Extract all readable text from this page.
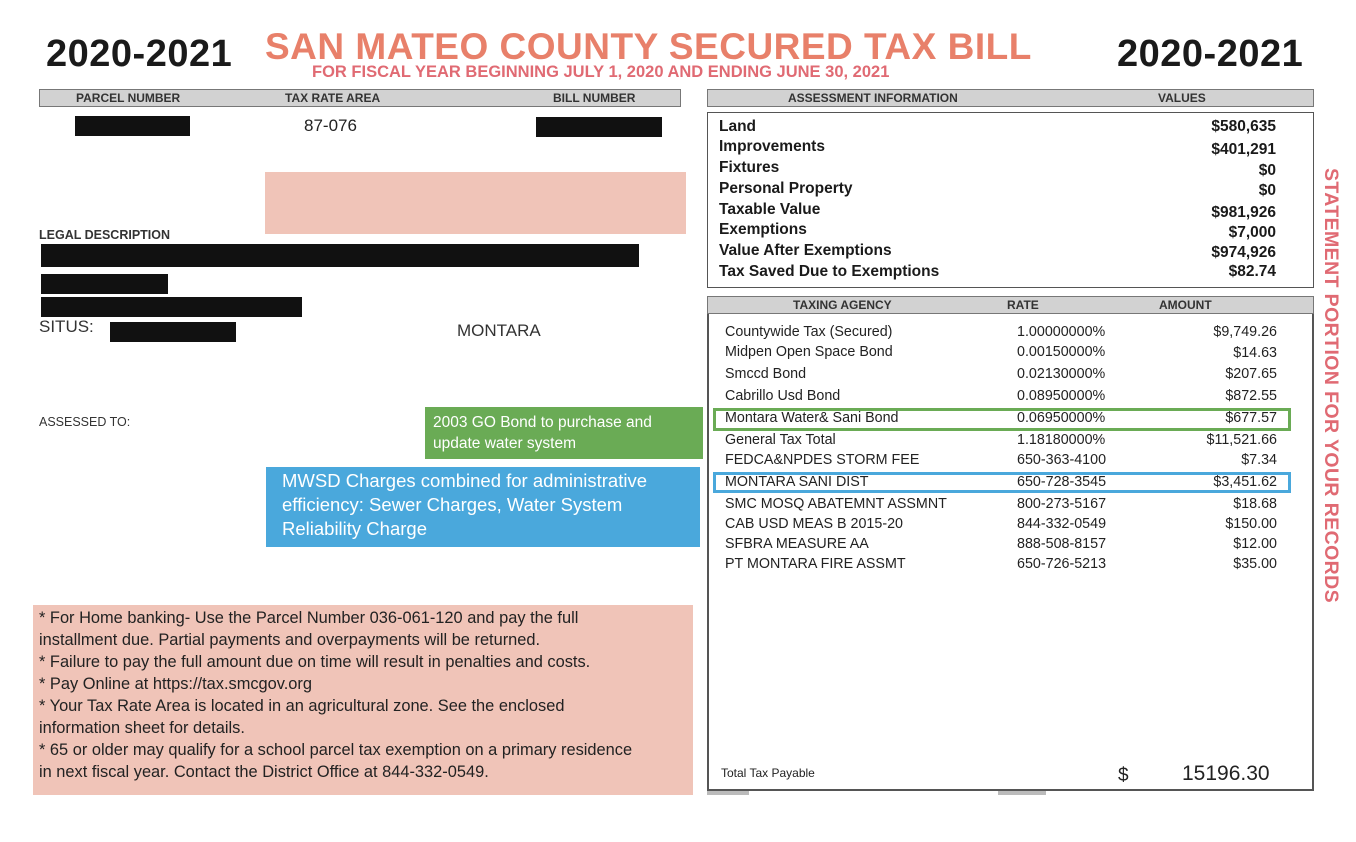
2020-2021 SAN MATEO COUNTY SECURED TAX BILL
FOR FISCAL YEAR BEGINNING JULY 1, 2020 AND ENDING JUNE 30, 2021	2020-2021
PARCEL NUMBER	TAX RATE AREA	BILL NUMBER
87-076
LEGAL DESCRIPTION
SITUS:	MONTARA
ASSESSED TO:	2003 GO Bond to purchase and
update water system
MWSD Charges combined for administrative
efficiency: Sewer Charges, Water System
Reliability Charge
* For Home banking- Use the Parcel Number 036-061-120 and pay the full
installment due. Partial payments and overpayments will be returned.
* Failure to pay the full amount due on time will result in penalties and costs.
* Pay Online at https://tax.smcgov.org
* Your Tax Rate Area is located in an agricultural zone. See the enclosed
information sheet for details.
* 65 or older may qualify for a school parcel tax exemption on a primary residence
in next fiscal year. Contact the District Office at 844-332-0549.
ASSESSMENT INFORMATION	VALUES
Land	$580,635
Improvements	$401,291
Fixtures	$0
Personal Property	$0
Taxable Value	$981,926
Exemptions	$7,000
Value After Exemptions	$974,926
Tax Saved Due to Exemptions	$82.74
TAXING AGENCY	RATE	AMOUNT
Countywide Tax (Secured)	1.00000000%	$9,749.26
Midpen Open Space Bond	0.00150000%	$14.63
Smccd Bond	0.02130000%	$207.65
Cabrillo Usd Bond	0.08950000%	$872.55
Montara Water& Sani Bond	0.06950000%	$677.57
General Tax Total	1.18180000%	$11,521.66
FEDCA&NPDES STORM FEE	650-363-4100	$7.34
MONTARA SANI DIST	650-728-3545	$3,451.62
SMC MOSQ ABATEMNT ASSMNT	800-273-5167	$18.68
CAB USD MEAS B 2015-20	844-332-0549	$150.00
SFBRA MEASURE AA	888-508-8157	$12.00
PT MONTARA FIRE ASSMT	650-726-5213	$35.00
Total Tax Payable	$	15196.30
STATEMENT PORTION FOR YOUR RECORDS
